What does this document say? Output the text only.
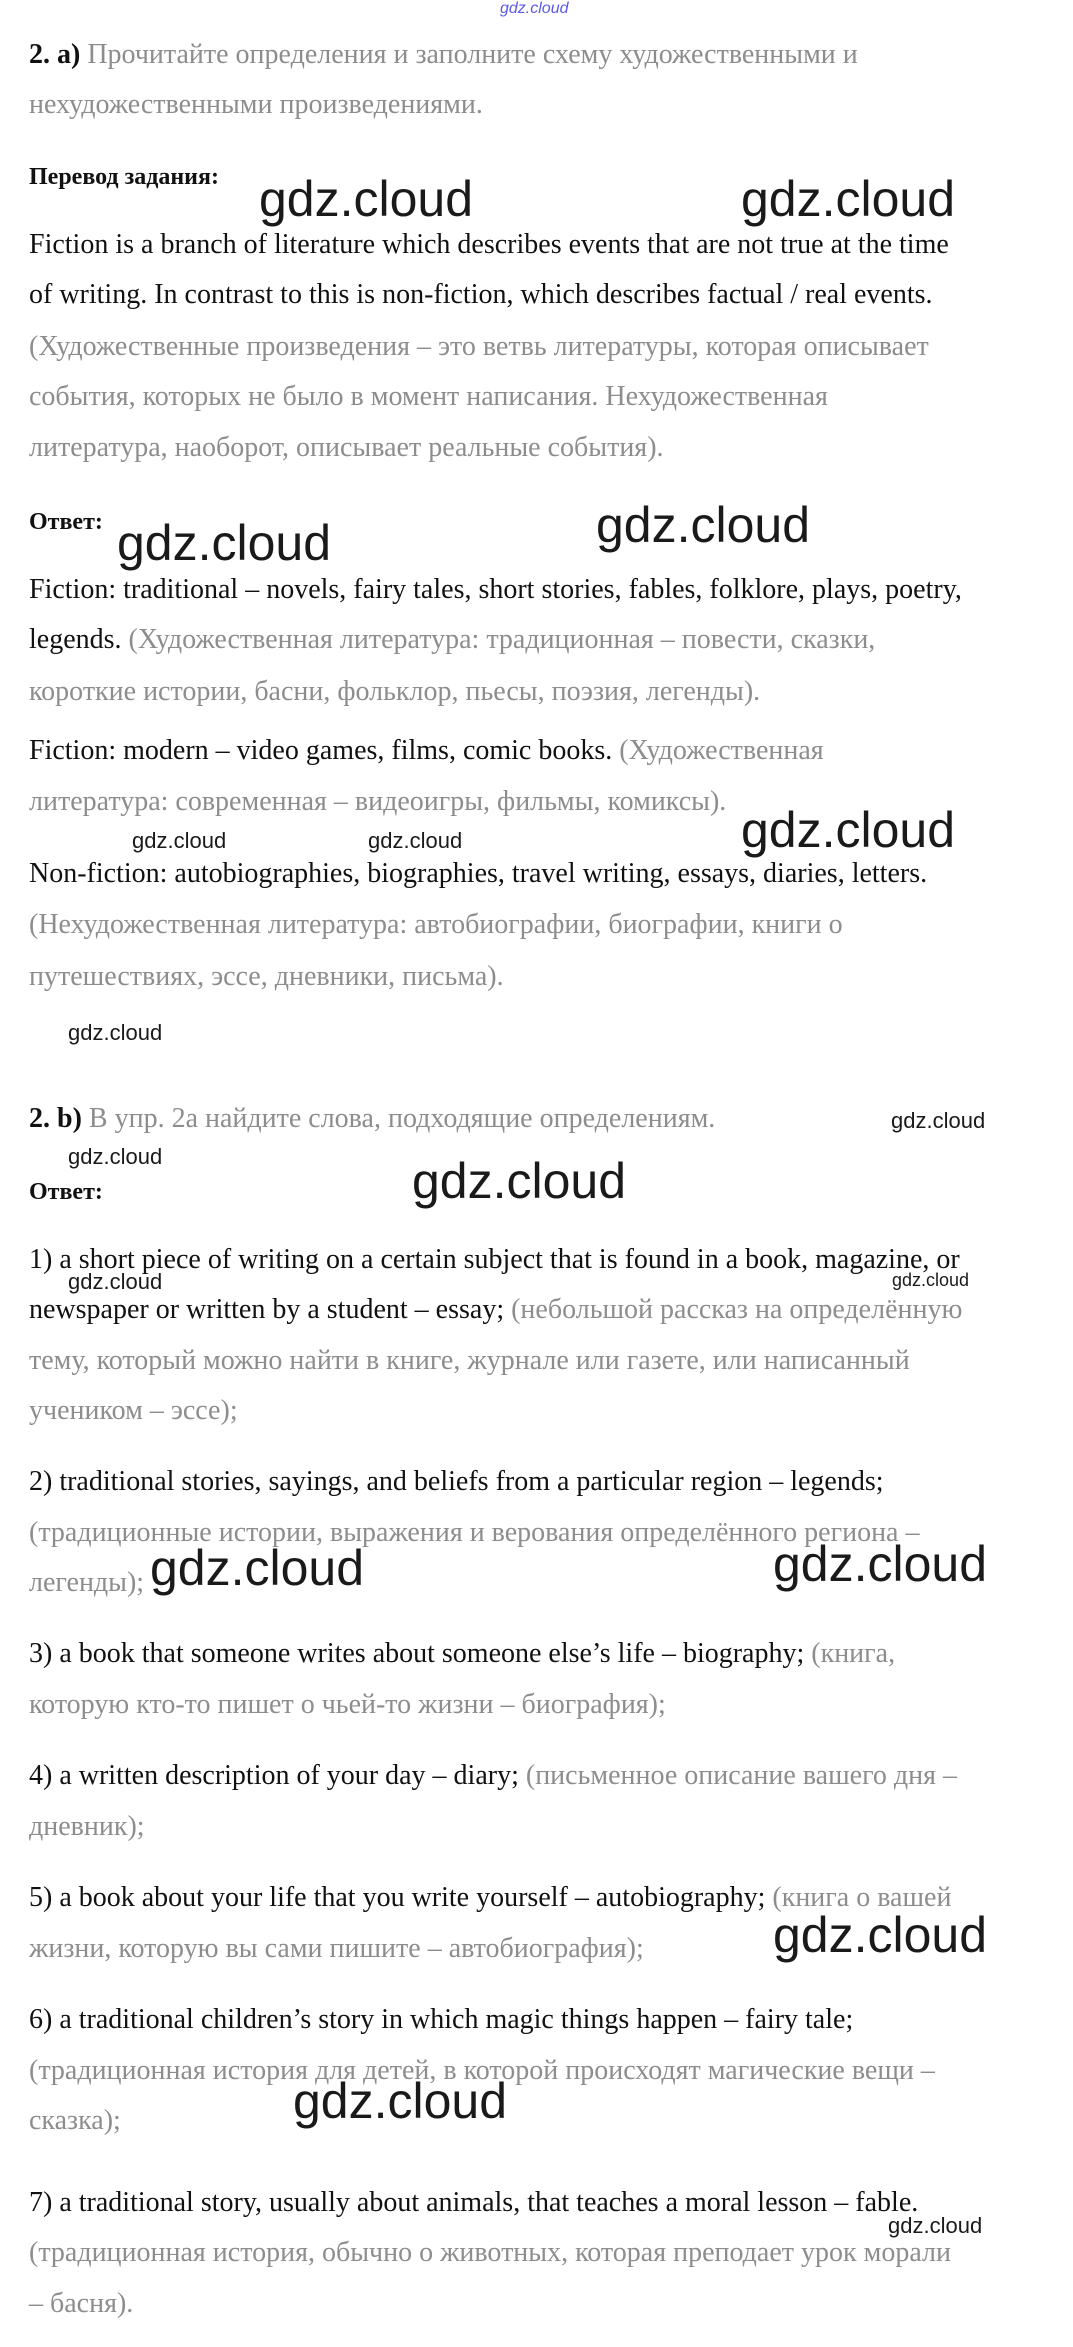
gdz.cloud
2. а) Прочитайте определения и заполните схему художественными и
нехудожественными произведениями.
Перевод задания:
Fiction is a branch of literature which describes events that are not true at the time
of writing. In contrast to this is non-fiction, which describes factual / real events.
(Художественные произведения – это ветвь литературы, которая описывает
события, которых не было в момент написания. Нехудожественная
литература, наоборот, описывает реальные события).
Ответ:
Fiction: traditional – novels, fairy tales, short stories, fables, folklore, plays, poetry,
legends. (Художественная литература: традиционная – повести, сказки,
короткие истории, басни, фольклор, пьесы, поэзия, легенды).
Fiction: modern – video games, films, comic books. (Художественная
литература: современная – видеоигры, фильмы, комиксы).
Non-fiction: autobiographies, biographies, travel writing, essays, diaries, letters.
(Нехудожественная литература: автобиографии, биографии, книги о
путешествиях, эссе, дневники, письма).
2. b) В упр. 2а найдите слова, подходящие определениям.
Ответ:
1) a short piece of writing on a certain subject that is found in a book, magazine, or
newspaper or written by a student – essay; (небольшой рассказ на определённую
тему, который можно найти в книге, журнале или газете, или написанный
учеником – эссе);
2) traditional stories, sayings, and beliefs from a particular region – legends;
(традиционные истории, выражения и верования определённого региона –
легенды);
3) a book that someone writes about someone else’s life – biography; (книга,
которую кто-то пишет о чьей-то жизни – биография);
4) a written description of your day – diary; (письменное описание вашего дня –
дневник);
5) a book about your life that you write yourself – autobiography; (книга о вашей
жизни, которую вы сами пишите – автобиография);
6) a traditional children’s story in which magic things happen – fairy tale;
(традиционная история для детей, в которой происходят магические вещи –
сказка);
7) a traditional story, usually about animals, that teaches a moral lesson – fable.
(традиционная история, обычно о животных, которая преподает урок морали
– басня).
gdz.cloud	gdz.cloud
gdz.cloud	gdz.cloud
gdz.cloud	gdz.cloud	gdz.cloud
gdz.cloud
gdz.cloud
gdz.cloud	gdz.cloud
gdz.cloud	gdz.cloud
gdz.cloud	gdz.cloud
gdz.cloud
gdz.cloud
gdz.cloud
